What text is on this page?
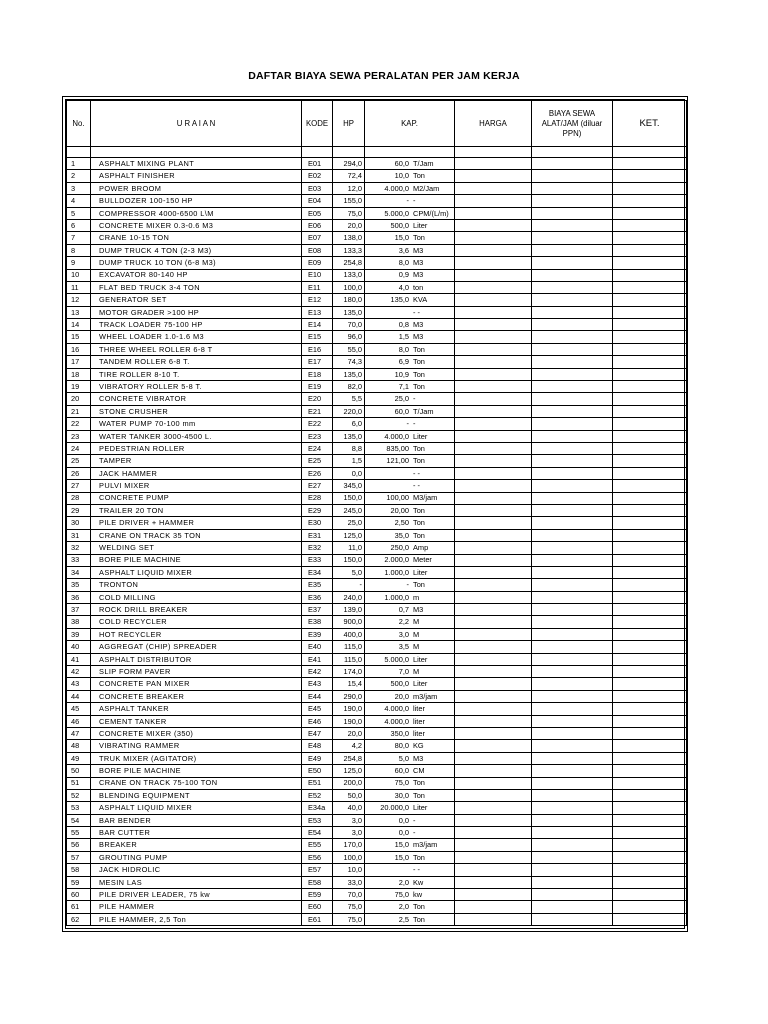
DAFTAR BIAYA SEWA PERALATAN PER JAM KERJA
No.	U R A I A N	KODE	HP	KAP.	HARGA	BIAYA SEWA ALAT/JAM (diluar PPN)	KET.

1	ASPHALT MIXING PLANT	E01	294,0	60,0 T/Jam			
2	ASPHALT FINISHER	E02	72,4	10,0 Ton			
3	POWER BROOM	E03	12,0	4.000,0 M2/Jam			
4	BULLDOZER 100-150 HP	E04	155,0	- -			
5	COMPRESSOR 4000-6500 L\M	E05	75,0	5.000,0 CPM/(L/m)			
6	CONCRETE MIXER 0.3-0.6 M3	E06	20,0	500,0 Liter			
7	CRANE 10-15 TON	E07	138,0	15,0 Ton			
8	DUMP TRUCK 4 TON (2-3 M3)	E08	133,3	3,6 M3			
9	DUMP TRUCK 10 TON (6-8 M3)	E09	254,8	8,0 M3			
10	EXCAVATOR 80-140 HP	E10	133,0	0,9 M3			
11	FLAT BED TRUCK 3-4 TON	E11	100,0	4,0 ton			
12	GENERATOR SET	E12	180,0	135,0 KVA			
13	MOTOR GRADER >100 HP	E13	135,0	- -			
14	TRACK LOADER 75-100 HP	E14	70,0	0,8 M3			
15	WHEEL LOADER 1.0-1.6 M3	E15	96,0	1,5 M3			
16	THREE WHEEL ROLLER 6-8 T	E16	55,0	8,0 Ton			
17	TANDEM ROLLER 6-8 T.	E17	74,3	6,9 Ton			
18	TIRE ROLLER 8-10 T.	E18	135,0	10,9 Ton			
19	VIBRATORY ROLLER 5-8 T.	E19	82,0	7,1 Ton			
20	CONCRETE VIBRATOR	E20	5,5	25,0 -			
21	STONE CRUSHER	E21	220,0	60,0 T/Jam			
22	WATER PUMP 70-100 mm	E22	6,0	- -			
23	WATER TANKER 3000-4500 L.	E23	135,0	4.000,0 Liter			
24	PEDESTRIAN ROLLER	E24	8,8	835,00 Ton			
25	TAMPER	E25	1,5	121,00 Ton			
26	JACK HAMMER	E26	0,0	- -			
27	PULVI MIXER	E27	345,0	- -			
28	CONCRETE PUMP	E28	150,0	100,00 M3/jam			
29	TRAILER 20 TON	E29	245,0	20,00 Ton			
30	PILE DRIVER + HAMMER	E30	25,0	2,50 Ton			
31	CRANE ON TRACK 35 TON	E31	125,0	35,0 Ton			
32	WELDING SET	E32	11,0	250,0 Amp			
33	BORE PILE MACHINE	E33	150,0	2.000,0 Meter			
34	ASPHALT LIQUID MIXER	E34	5,0	1.000,0 Liter			
35	TRONTON	E35	-	- Ton			
36	COLD MILLING	E36	240,0	1.000,0 m			
37	ROCK DRILL BREAKER	E37	139,0	0,7 M3			
38	COLD RECYCLER	E38	900,0	2,2 M			
39	HOT RECYCLER	E39	400,0	3,0 M			
40	AGGREGAT (CHIP) SPREADER	E40	115,0	3,5 M			
41	ASPHALT DISTRIBUTOR	E41	115,0	5.000,0 Liter			
42	SLIP FORM PAVER	E42	174,0	7,0 M			
43	CONCRETE PAN MIXER	E43	15,4	500,0 Liter			
44	CONCRETE BREAKER	E44	290,0	20,0 m3/jam			
45	ASPHALT TANKER	E45	190,0	4.000,0 liter			
46	CEMENT TANKER	E46	190,0	4.000,0 liter			
47	CONCRETE MIXER (350)	E47	20,0	350,0 liter			
48	VIBRATING RAMMER	E48	4,2	80,0 KG			
49	TRUK MIXER (AGITATOR)	E49	254,8	5,0 M3			
50	BORE PILE MACHINE	E50	125,0	60,0 CM			
51	CRANE ON TRACK 75-100 TON	E51	200,0	75,0 Ton			
52	BLENDING EQUIPMENT	E52	50,0	30,0 Ton			
53	ASPHALT LIQUID MIXER	E34a	40,0	20.000,0 Liter			
54	BAR BENDER	E53	3,0	0,0 -			
55	BAR CUTTER	E54	3,0	0,0 -			
56	BREAKER	E55	170,0	15,0 m3/jam			
57	GROUTING PUMP	E56	100,0	15,0 Ton			
58	JACK HIDROLIC	E57	10,0	- -			
59	MESIN LAS	E58	33,0	2,0 Kw			
60	PILE DRIVER LEADER, 75 kw	E59	70,0	75,0 kw			
61	PILE HAMMER	E60	75,0	2,0 Ton			
62	PILE HAMMER, 2,5 Ton	E61	75,0	2,5 Ton			
